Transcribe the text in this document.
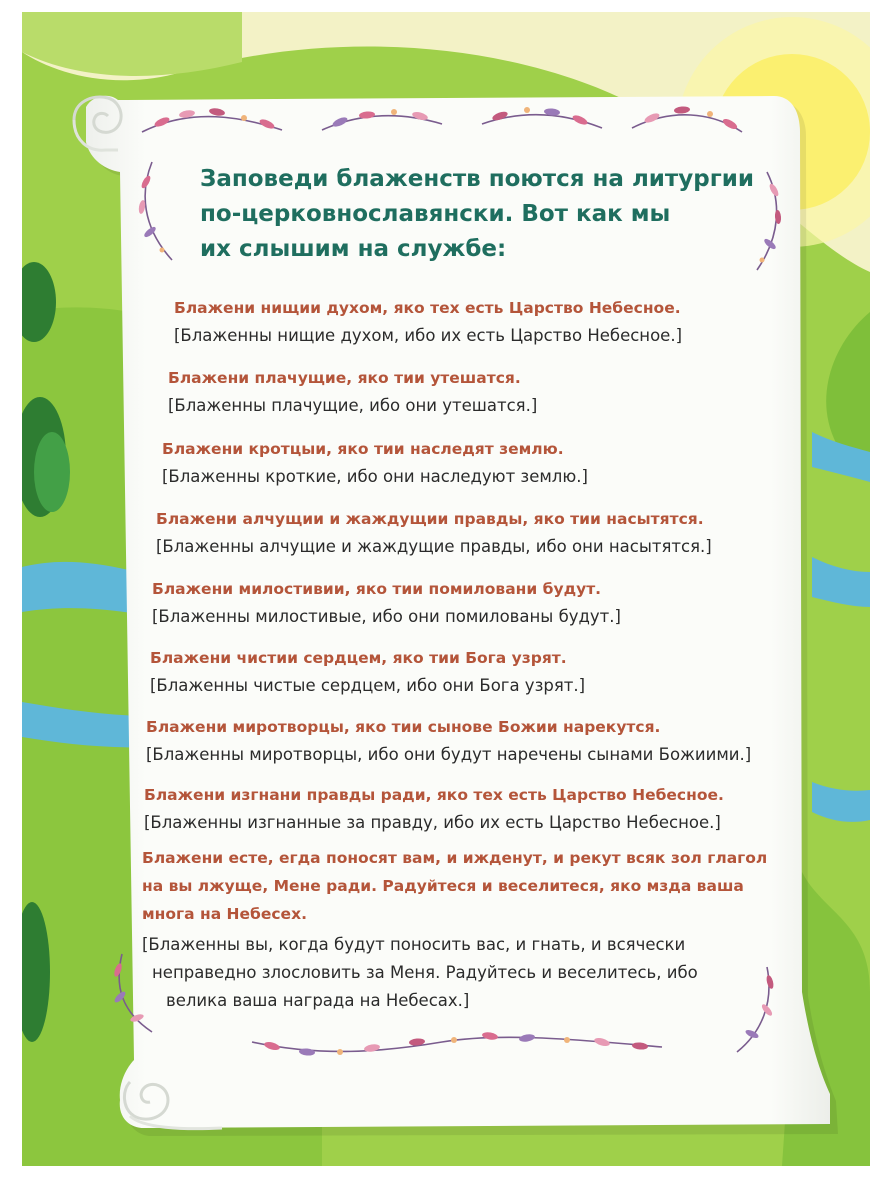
Заповеди блаженств поются на литургии
по-церковнославянски. Вот как мы
их слышим на службе:

Блажени нищии духом, яко тех есть Царство Небесное.
[Блаженны нищие духом, ибо их есть Царство Небесное.]
Блажени плачущие, яко тии утешатся.
[Блаженны плачущие, ибо они утешатся.]
Блажени кротцыи, яко тии наследят землю.
[Блаженны кроткие, ибо они наследуют землю.]
Блажени алчущии и жаждущии правды, яко тии насытятся.
[Блаженны алчущие и жаждущие правды, ибо они насытятся.]
Блажени милостивии, яко тии помиловани будут.
[Блаженны милостивые, ибо они помилованы будут.]
Блажени чистии сердцем, яко тии Бога узрят.
[Блаженны чистые сердцем, ибо они Бога узрят.]
Блажени миротворцы, яко тии сынове Божии нарекутся.
[Блаженны миротворцы, ибо они будут наречены сынами Божиими.]
Блажени изгнани правды ради, яко тех есть Царство Небесное.
[Блаженны изгнанные за правду, ибо их есть Царство Небесное.]
Блажени есте, егда поносят вам, и ижденут, и рекут всяк зол глагол
на вы лжуще, Мене ради. Радуйтеся и веселитеся, яко мзда ваша
многа на Небесех.
[Блаженны вы, когда будут поносить вас, и гнать, и всячески
неправедно злословить за Меня. Радуйтесь и веселитесь, ибо
велика ваша награда на Небесах.]
